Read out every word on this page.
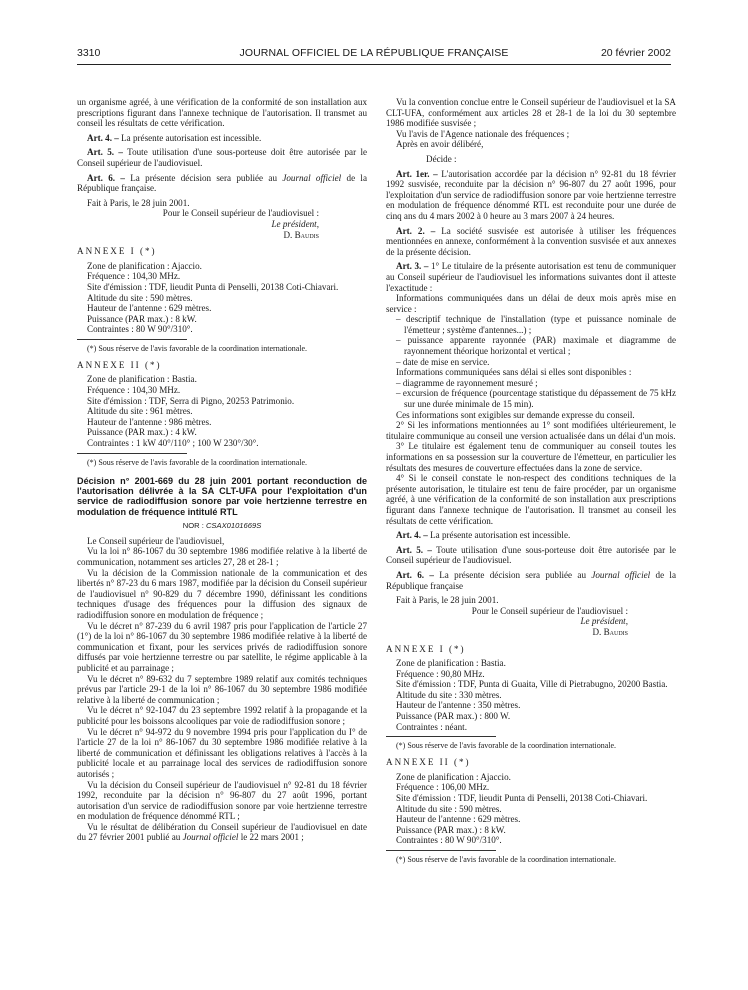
3310	JOURNAL OFFICIEL DE LA RÉPUBLIQUE FRANÇAISE	20 février 2002

un organisme agréé, à une vérification de la conformité de son installation aux prescriptions figurant dans l'annexe technique de l'autorisation. Il transmet au conseil les résultats de cette vérification.

Art. 4. – La présente autorisation est incessible.

Art. 5. – Toute utilisation d'une sous-porteuse doit être autorisée par le Conseil supérieur de l'audiovisuel.

Art. 6. – La présente décision sera publiée au Journal officiel de la République française.

Fait à Paris, le 28 juin 2001.

Pour le Conseil supérieur de l'audiovisuel :

Le président,

D. Baudis

ANNEXE I (*)

Zone de planification : Ajaccio.

Fréquence : 104,30 MHz.

Site d'émission : TDF, lieudit Punta di Penselli, 20138 Coti-Chiavari.

Altitude du site : 590 mètres.

Hauteur de l'antenne : 629 mètres.

Puissance (PAR max.) : 8 kW.

Contraintes : 80 W 90°/310°.

(*) Sous réserve de l'avis favorable de la coordination internationale.

ANNEXE II (*)

Zone de planification : Bastia.

Fréquence : 104,30 MHz.

Site d'émission : TDF, Serra di Pigno, 20253 Patrimonio.

Altitude du site : 961 mètres.

Hauteur de l'antenne : 986 mètres.

Puissance (PAR max.) : 4 kW.

Contraintes : 1 kW 40°/110° ; 100 W 230°/30°.

(*) Sous réserve de l'avis favorable de la coordination internationale.

Décision n° 2001-669 du 28 juin 2001 portant reconduction de l'autorisation délivrée à la SA CLT-UFA pour l'exploitation d'un service de radiodiffusion sonore par voie hertzienne terrestre en modulation de fréquence intitulé RTL

NOR : CSAX0101669S

Le Conseil supérieur de l'audiovisuel,

Vu la loi n° 86-1067 du 30 septembre 1986 modifiée relative à la liberté de communication, notamment ses articles 27, 28 et 28-1 ;

Vu la décision de la Commission nationale de la communication et des libertés n° 87-23 du 6 mars 1987, modifiée par la décision du Conseil supérieur de l'audiovisuel n° 90-829 du 7 décembre 1990, définissant les conditions techniques d'usage des fréquences pour la diffusion des signaux de radiodiffusion sonore en modulation de fréquence ;

Vu le décret n° 87-239 du 6 avril 1987 pris pour l'application de l'article 27 (1°) de la loi n° 86-1067 du 30 septembre 1986 modifiée relative à la liberté de communication et fixant, pour les services privés de radiodiffusion sonore diffusés par voie hertzienne terrestre ou par satellite, le régime applicable à la publicité et au parrainage ;

Vu le décret n° 89-632 du 7 septembre 1989 relatif aux comités techniques prévus par l'article 29-1 de la loi n° 86-1067 du 30 septembre 1986 modifiée relative à la liberté de communication ;

Vu le décret n° 92-1047 du 23 septembre 1992 relatif à la propagande et la publicité pour les boissons alcooliques par voie de radiodiffusion sonore ;

Vu le décret n° 94-972 du 9 novembre 1994 pris pour l'application du I° de l'article 27 de la loi n° 86-1067 du 30 septembre 1986 modifiée relative à la liberté de communication et définissant les obligations relatives à l'accès à la publicité locale et au parrainage local des services de radiodiffusion sonore autorisés ;

Vu la décision du Conseil supérieur de l'audiovisuel n° 92-81 du 18 février 1992, reconduite par la décision n° 96-807 du 27 août 1996, portant autorisation d'un service de radiodiffusion sonore par voie hertzienne terrestre en modulation de fréquence dénommé RTL ;

Vu le résultat de délibération du Conseil supérieur de l'audiovisuel en date du 27 février 2001 publié au Journal officiel le 22 mars 2001 ;

Vu la convention conclue entre le Conseil supérieur de l'audiovisuel et la SA CLT-UFA, conformément aux articles 28 et 28-1 de la loi du 30 septembre 1986 modifiée susvisée ;

Vu l'avis de l'Agence nationale des fréquences ;

Après en avoir délibéré,

Décide :

Art. 1er. – L'autorisation accordée par la décision n° 92-81 du 18 février 1992 susvisée, reconduite par la décision n° 96-807 du 27 août 1996, pour l'exploitation d'un service de radiodiffusion sonore par voie hertzienne terrestre en modulation de fréquence dénommé RTL est reconduite pour une durée de cinq ans du 4 mars 2002 à 0 heure au 3 mars 2007 à 24 heures.

Art. 2. – La société susvisée est autorisée à utiliser les fréquences mentionnées en annexe, conformément à la convention susvisée et aux annexes de la présente décision.

Art. 3. – 1° Le titulaire de la présente autorisation est tenu de communiquer au Conseil supérieur de l'audiovisuel les informations suivantes dont il atteste l'exactitude :

Informations communiquées dans un délai de deux mois après mise en service :

– descriptif technique de l'installation (type et puissance nominale de l'émetteur ; système d'antennes...) ;

– puissance apparente rayonnée (PAR) maximale et diagramme de rayonnement théorique horizontal et vertical ;

– date de mise en service.

Informations communiquées sans délai si elles sont disponibles :

– diagramme de rayonnement mesuré ;

– excursion de fréquence (pourcentage statistique du dépassement de 75 kHz sur une durée minimale de 15 min).

Ces informations sont exigibles sur demande expresse du conseil.

2° Si les informations mentionnées au 1° sont modifiées ultérieurement, le titulaire communique au conseil une version actualisée dans un délai d'un mois.

3° Le titulaire est également tenu de communiquer au conseil toutes les informations en sa possession sur la couverture de l'émetteur, en particulier les résultats des mesures de couverture effectuées dans la zone de service.

4° Si le conseil constate le non-respect des conditions techniques de la présente autorisation, le titulaire est tenu de faire procéder, par un organisme agréé, à une vérification de la conformité de son installation aux prescriptions figurant dans l'annexe technique de l'autorisation. Il transmet au conseil les résultats de cette vérification.

Art. 4. – La présente autorisation est incessible.

Art. 5. – Toute utilisation d'une sous-porteuse doit être autorisée par le Conseil supérieur de l'audiovisuel.

Art. 6. – La présente décision sera publiée au Journal officiel de la République française

Fait à Paris, le 28 juin 2001.

Pour le Conseil supérieur de l'audiovisuel :

Le président,

D. Baudis

ANNEXE I (*)

Zone de planification : Bastia.

Fréquence : 90,80 MHz.

Site d'émission : TDF, Punta di Guaita, Ville di Pietrabugno, 20200 Bastia.

Altitude du site : 330 mètres.

Hauteur de l'antenne : 350 mètres.

Puissance (PAR max.) : 800 W.

Contraintes : néant.

(*) Sous réserve de l'avis favorable de la coordination internationale.

ANNEXE II (*)

Zone de planification : Ajaccio.

Fréquence : 106,00 MHz.

Site d'émission : TDF, lieudit Punta di Penselli, 20138 Coti-Chiavari.

Altitude du site : 590 mètres.

Hauteur de l'antenne : 629 mètres.

Puissance (PAR max.) : 8 kW.

Contraintes : 80 W 90°/310°.

(*) Sous réserve de l'avis favorable de la coordination internationale.
